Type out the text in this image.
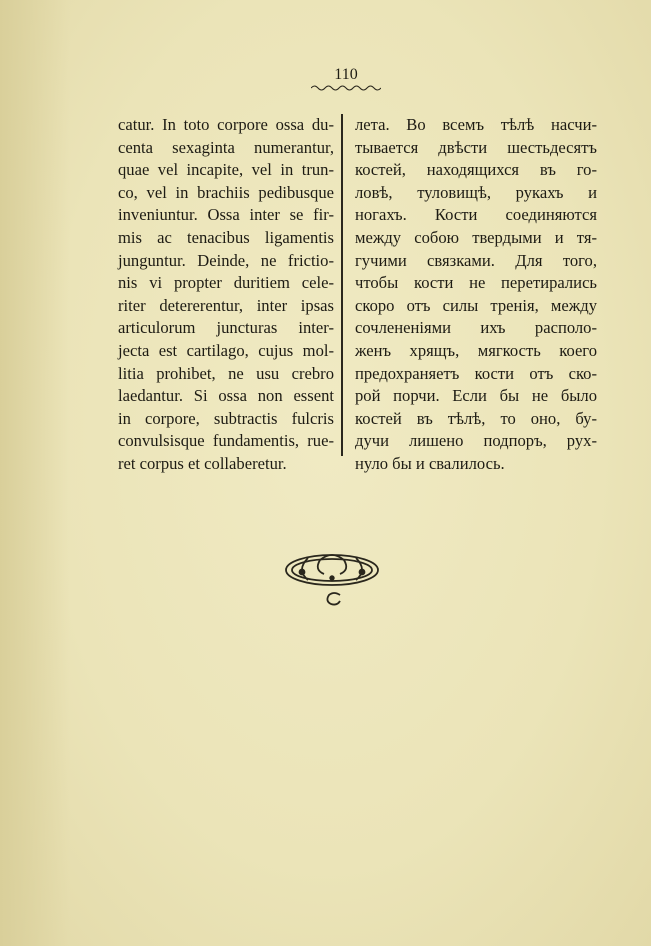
110
catur. In toto corpore ossa du-
centa sexaginta numerantur,
quae vel incapite, vel in trun-
co, vel in brachiis pedibusque
inveniuntur. Ossa inter se fir-
mis ac tenacibus ligamentis
junguntur. Deinde, ne frictio-
nis vi propter duritiem cele-
riter detererentur, inter ipsas
articulorum juncturas inter-
jecta est cartilago, cujus mol-
litia prohibet, ne usu crebro
laedantur. Si ossa non essent
in corpore, subtractis fulcris
convulsisque fundamentis, rue-
ret corpus et collaberetur.
лета. Во всемъ тѣлѣ насчи-
тывается двѣсти шестьдесятъ
костей, находящихся въ го-
ловѣ, туловищѣ, рукахъ и
ногахъ. Кости соединяются
между собою твердыми и тя-
гучими связками. Для того,
чтобы кости не перетирались
скоро отъ силы тренія, между
сочлененіями ихъ располо-
женъ хрящъ, мягкость коего
предохраняетъ кости отъ ско-
рой порчи. Если бы не было
костей въ тѣлѣ, то оно, бу-
дучи лишено подпоръ, рух-
нуло бы и свалилось.
